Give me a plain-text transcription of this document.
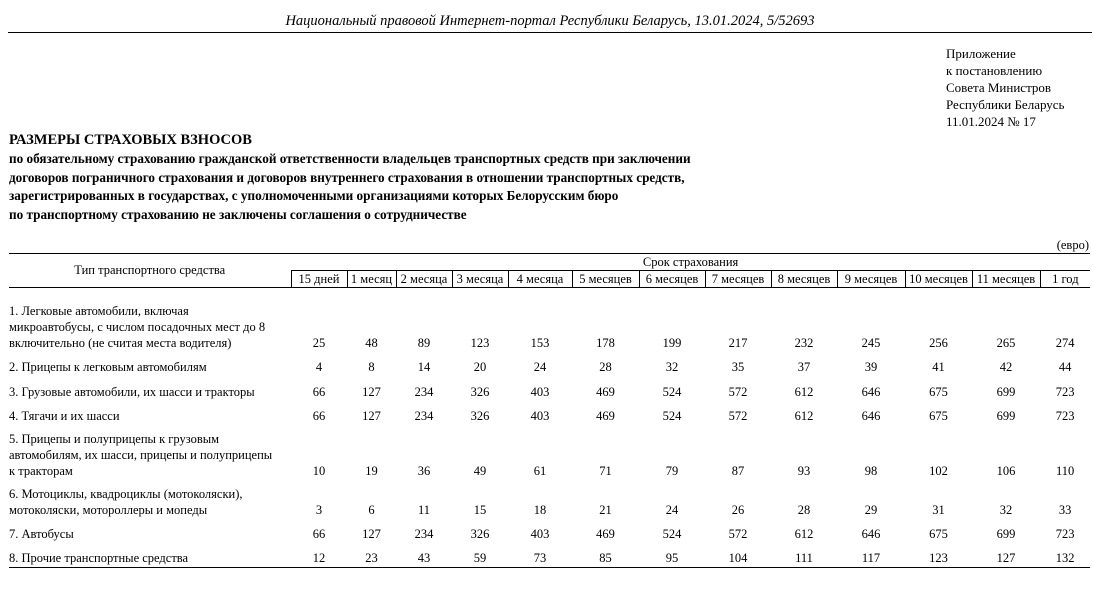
Национальный правовой Интернет-портал Республики Беларусь, 13.01.2024, 5/52693
Приложение
к постановлению
Совета Министров
Республики Беларусь
11.01.2024 № 17
РАЗМЕРЫ СТРАХОВЫХ ВЗНОСОВ
по обязательному страхованию гражданской ответственности владельцев транспортных средств при заключении
договоров пограничного страхования и договоров внутреннего страхования в отношении транспортных средств,
зарегистрированных в государствах, с уполномоченными организациями которых Белорусским бюро
по транспортному страхованию не заключены соглашения о сотрудничестве
(евро)
Тип транспортного средства	Срок страхования												
	15 дней	1 месяц	2 месяца	3 месяца	4 месяца	5 месяцев	6 месяцев	7 месяцев	8 месяцев	9 месяцев	10 месяцев	11 месяцев	1 год

1. Легковые автомобили, включая
микроавтобусы, с числом посадочных мест до 8
включительно (не считая места водителя)	25	48	89	123	153	178	199	217	232	245	256	265	274

2. Прицепы к легковым автомобилям	4	8	14	20	24	28	32	35	37	39	41	42	44

3. Грузовые автомобили, их шасси и тракторы	66	127	234	326	403	469	524	572	612	646	675	699	723

4. Тягачи и их шасси	66	127	234	326	403	469	524	572	612	646	675	699	723

5. Прицепы и полуприцепы к грузовым
автомобилям, их шасси, прицепы и полуприцепы
к тракторам	10	19	36	49	61	71	79	87	93	98	102	106	110

6. Мотоциклы, квадроциклы (мотоколяски),
мотоколяски, мотороллеры и мопеды	3	6	11	15	18	21	24	26	28	29	31	32	33

7. Автобусы	66	127	234	326	403	469	524	572	612	646	675	699	723

8. Прочие транспортные средства	12	23	43	59	73	85	95	104	111	117	123	127	132
